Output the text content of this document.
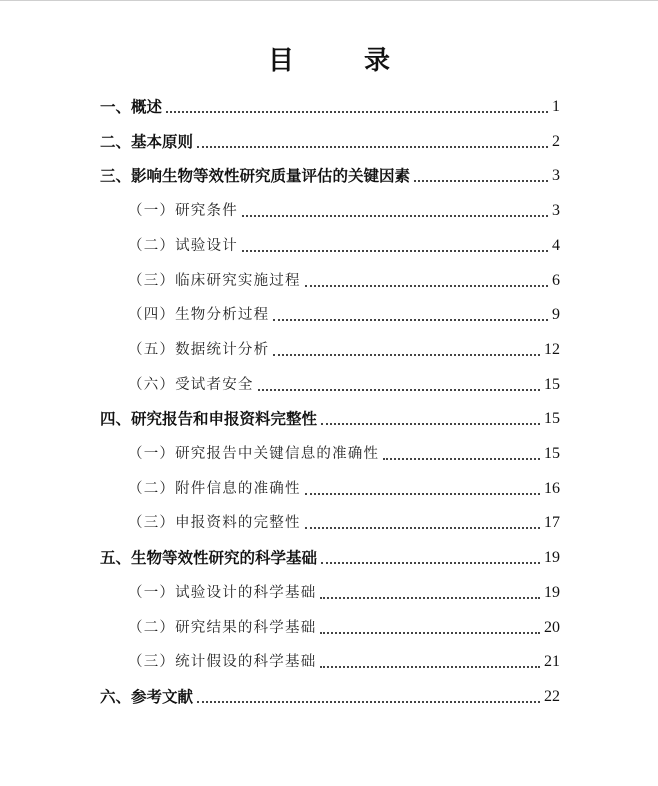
目　录
一、概述	1
二、基本原则	2
三、影响生物等效性研究质量评估的关键因素	3
（一）研究条件	3
（二）试验设计	4
（三）临床研究实施过程	6
（四）生物分析过程	9
（五）数据统计分析	12
（六）受试者安全	15
四、研究报告和申报资料完整性	15
（一）研究报告中关键信息的准确性	15
（二）附件信息的准确性	16
（三）申报资料的完整性	17
五、生物等效性研究的科学基础	19
（一）试验设计的科学基础	19
（二）研究结果的科学基础	20
（三）统计假设的科学基础	21
六、参考文献	22
